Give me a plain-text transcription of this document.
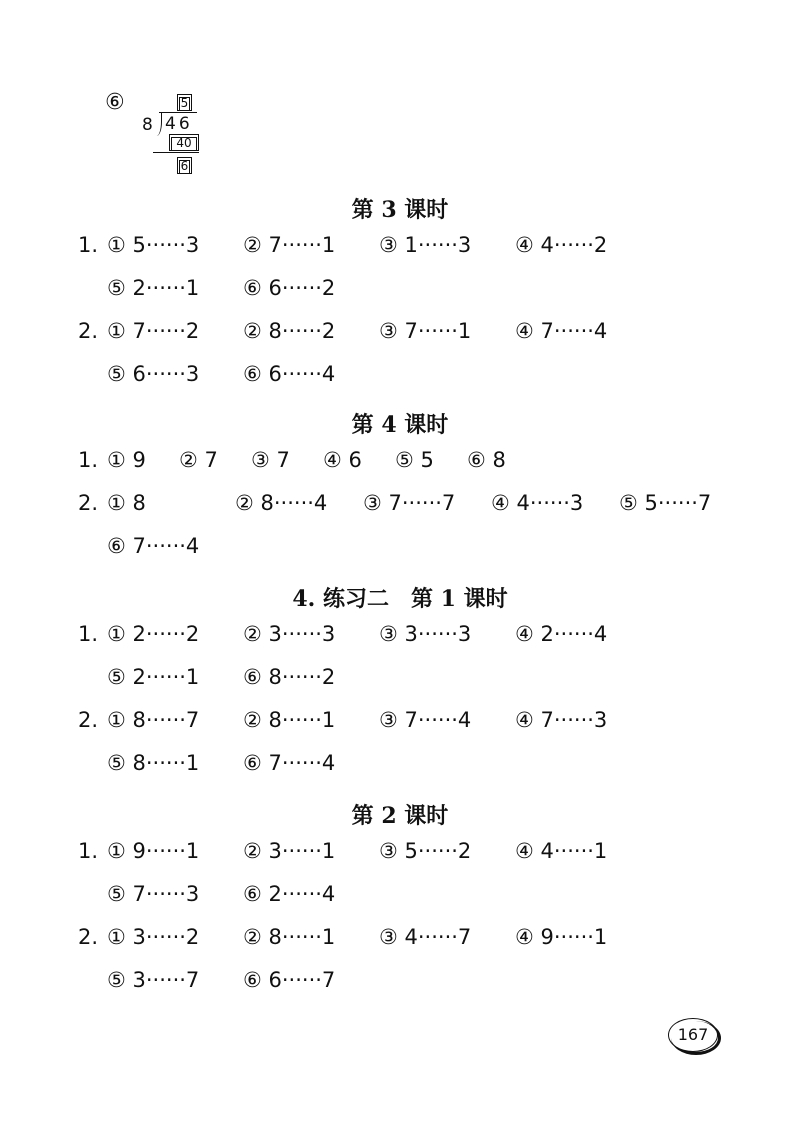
⑥	5
8 46
40
6
第 3 课时
1. ① 5······3 ② 7······1 ③ 1······3 ④ 4······2
⑤ 2······1 ⑥ 6······2
2. ① 7······2 ② 8······2 ③ 7······1 ④ 7······4
⑤ 6······3 ⑥ 6······4
第 4 课时
1. ① 9 ② 7 ③ 7 ④ 6 ⑤ 5 ⑥ 8
2. ① 8	② 8······4 ③ 7······7 ④ 4······3 ⑤ 5······7
⑥ 7······4
4. 练习二　第 1 课时
1. ① 2······2 ② 3······3 ③ 3······3 ④ 2······4
⑤ 2······1 ⑥ 8······2
2. ① 8······7 ② 8······1 ③ 7······4 ④ 7······3
⑤ 8······1 ⑥ 7······4
第 2 课时
1. ① 9······1 ② 3······1 ③ 5······2 ④ 4······1
⑤ 7······3 ⑥ 2······4
2. ① 3······2 ② 8······1 ③ 4······7 ④ 9······1
⑤ 3······7 ⑥ 6······7
167
